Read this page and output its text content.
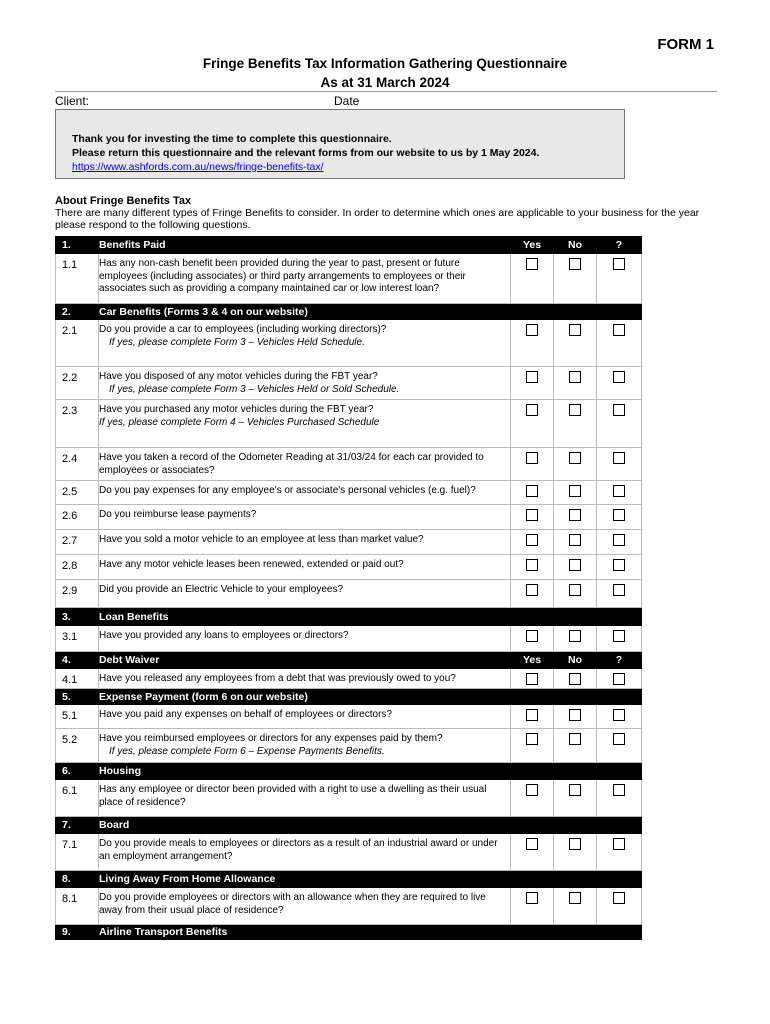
FORM 1
Fringe Benefits Tax Information Gathering Questionnaire
As at 31 March 2024
Client:	Date
Thank you for investing the time to complete this questionnaire.
Please return this questionnaire and the relevant forms from our website to us by 1 May 2024.
https://www.ashfords.com.au/news/fringe-benefits-tax/
About Fringe Benefits Tax
There are many different types of Fringe Benefits to consider. In order to determine which ones are applicable to your business for the year please respond to the following questions.
1.	Benefits Paid	Yes	No	?
1.1	Has any non-cash benefit been provided during the year to past, present or future employees (including associates) or third party arrangements to employees or their associates such as providing a company maintained car or low interest loan?			
2.	Car Benefits (Forms 3 & 4 on our website)			
2.1	Do you provide a car to employees (including working directors)?
If yes, please complete Form 3 – Vehicles Held Schedule.			

2.2	Have you disposed of any motor vehicles during the FBT year?
If yes, please complete Form 3 – Vehicles Held or Sold Schedule.			

2.3	Have you purchased any motor vehicles during the FBT year?
If yes, please complete Form 4 – Vehicles Purchased Schedule			

2.4	Have you taken a record of the Odometer Reading at 31/03/24 for each car provided to employees or associates?			
2.5	Do you pay expenses for any employee's or associate's personal vehicles (e.g. fuel)?			
2.6	Do you reimburse lease payments?			
2.7	Have you sold a motor vehicle to an employee at less than market value?			
2.8	Have any motor vehicle leases been renewed, extended or paid out?			
2.9	Did you provide an Electric Vehicle to your employees?			
3.	Loan Benefits			
3.1	Have you provided any loans to employees or directors?			
4.	Debt Waiver	Yes	No	?
4.1	Have you released any employees from a debt that was previously owed to you?			
5.	Expense Payment (form 6 on our website)			
5.1	Have you paid any expenses on behalf of employees or directors?			
5.2	Have you reimbursed employees or directors for any expenses paid by them?
If yes, please complete Form 6 – Expense Payments Benefits.			

6.	Housing			
6.1	Has any employee or director been provided with a right to use a dwelling as their usual place of residence?			
7.	Board			
7.1	Do you provide meals to employees or directors as a result of an industrial award or under an employment arrangement?			
8.	Living Away From Home Allowance			
8.1	Do you provide employees or directors with an allowance when they are required to live away from their usual place of residence?			
9.	Airline Transport Benefits			
